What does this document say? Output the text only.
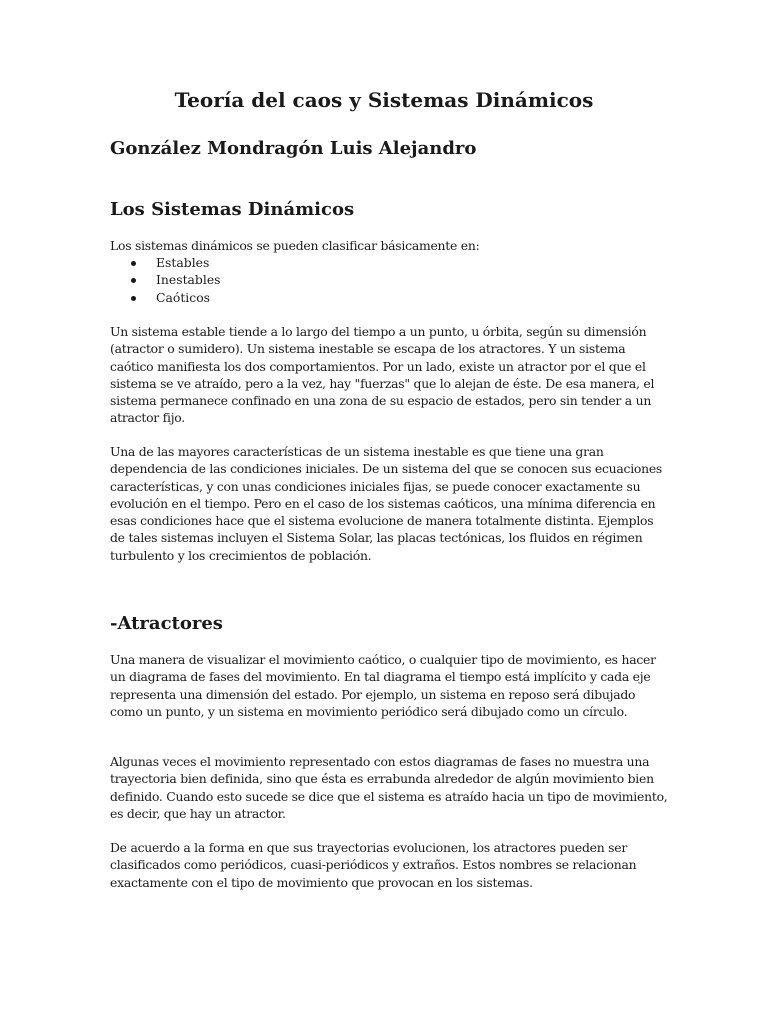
Teoría del caos y Sistemas Dinámicos
González Mondragón Luis Alejandro
Los Sistemas Dinámicos

Los sistemas dinámicos se pueden clasificar básicamente en:

Estables
Inestables
Caóticos

Un sistema estable tiende a lo largo del tiempo a un punto, u órbita, según su dimensión (atractor o sumidero). Un sistema inestable se escapa de los atractores. Y un sistema caótico manifiesta los dos comportamientos. Por un lado, existe un atractor por el que el sistema se ve atraído, pero a la vez, hay "fuerzas" que lo alejan de éste. De esa manera, el sistema permanece confinado en una zona de su espacio de estados, pero sin tender a un atractor fijo.

Una de las mayores características de un sistema inestable es que tiene una gran dependencia de las condiciones iniciales. De un sistema del que se conocen sus ecuaciones características, y con unas condiciones iniciales fijas, se puede conocer exactamente su evolución en el tiempo. Pero en el caso de los sistemas caóticos, una mínima diferencia en esas condiciones hace que el sistema evolucione de manera totalmente distinta. Ejemplos de tales sistemas incluyen el Sistema Solar, las placas tectónicas, los fluidos en régimen turbulento y los crecimientos de población.

-Atractores

Una manera de visualizar el movimiento caótico, o cualquier tipo de movimiento, es hacer un diagrama de fases del movimiento. En tal diagrama el tiempo está implícito y cada eje representa una dimensión del estado. Por ejemplo, un sistema en reposo será dibujado como un punto, y un sistema en movimiento periódico será dibujado como un círculo.

Algunas veces el movimiento representado con estos diagramas de fases no muestra una trayectoria bien definida, sino que ésta es errabunda alrededor de algún movimiento bien definido. Cuando esto sucede se dice que el sistema es atraído hacia un tipo de movimiento, es decir, que hay un atractor.

De acuerdo a la forma en que sus trayectorias evolucionen, los atractores pueden ser clasificados como periódicos, cuasi-periódicos y extraños. Estos nombres se relacionan exactamente con el tipo de movimiento que provocan en los sistemas.
